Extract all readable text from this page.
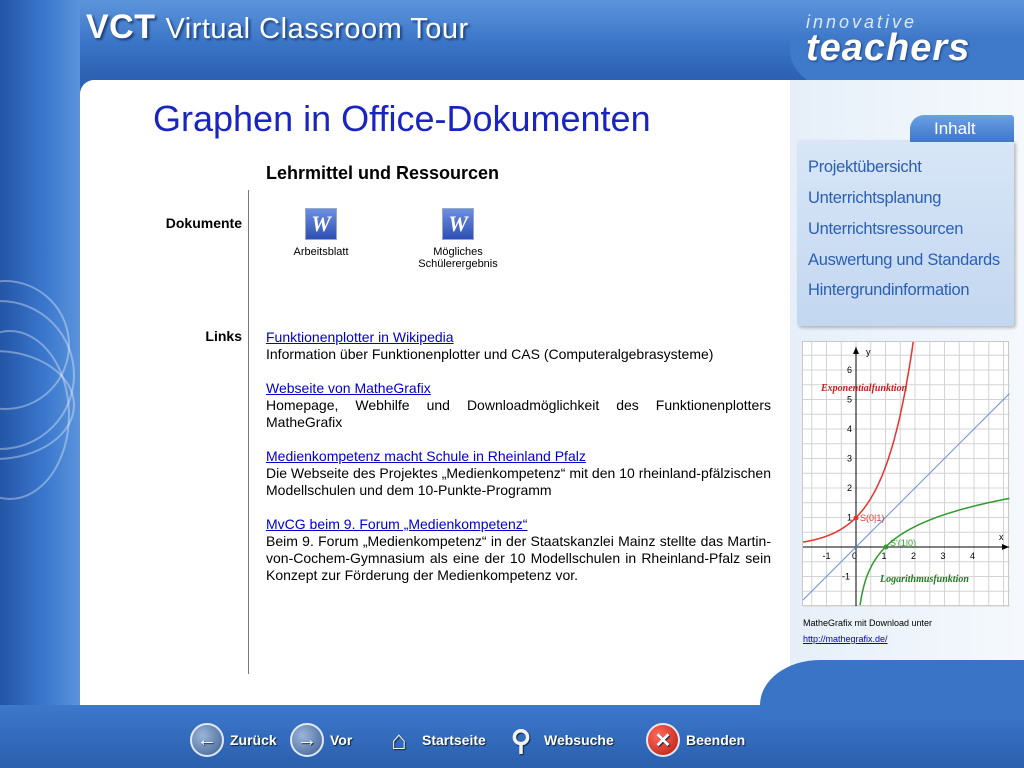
VCT Virtual Classroom Tour	innovative
teachers
Graphen in Office-Dokumenten
Lehrmittel und Ressourcen
Dokumente
Links
W
Arbeitsblatt
W
Mögliches
Schülerergebnis
Funktionenplotter in Wikipedia
Information über Funktionenplotter und CAS (Computeralgebrasysteme)
Webseite von MatheGrafix
Homepage, Webhilfe und Downloadmöglichkeit des Funktionenplotters MatheGrafix
Medienkompetenz macht Schule in Rheinland Pfalz
Die Webseite des Projektes „Medienkompetenz“ mit den 10 rheinland-pfälzischen Modellschulen und dem 10-Punkte-Programm
MvCG beim 9. Forum „Medienkompetenz“
Beim 9. Forum „Medienkompetenz“ in der Staatskanzlei Mainz stellte das Martin-von-Cochem-Gymnasium als eine der 10 Modellschulen in Rheinland-Pfalz sein Konzept zur Förderung der Medienkompetenz vor.
x
y
-1	1	2	3	4
0
6
5
4
3
2
1
-1
S(0|1)
S'(1|0)
Exponentialfunktion
Logarithmusfunktion
MatheGrafix mit Download unter
http://mathegrafix.de/
Inhalt
Projektübersicht
Unterrichtsplanung
Unterrichtsressourcen
Auswertung und Standards
Hintergrundinformation
← Zurück	→ Vor	⌂	Startseite ⚲ Websuche	✕	Beenden
